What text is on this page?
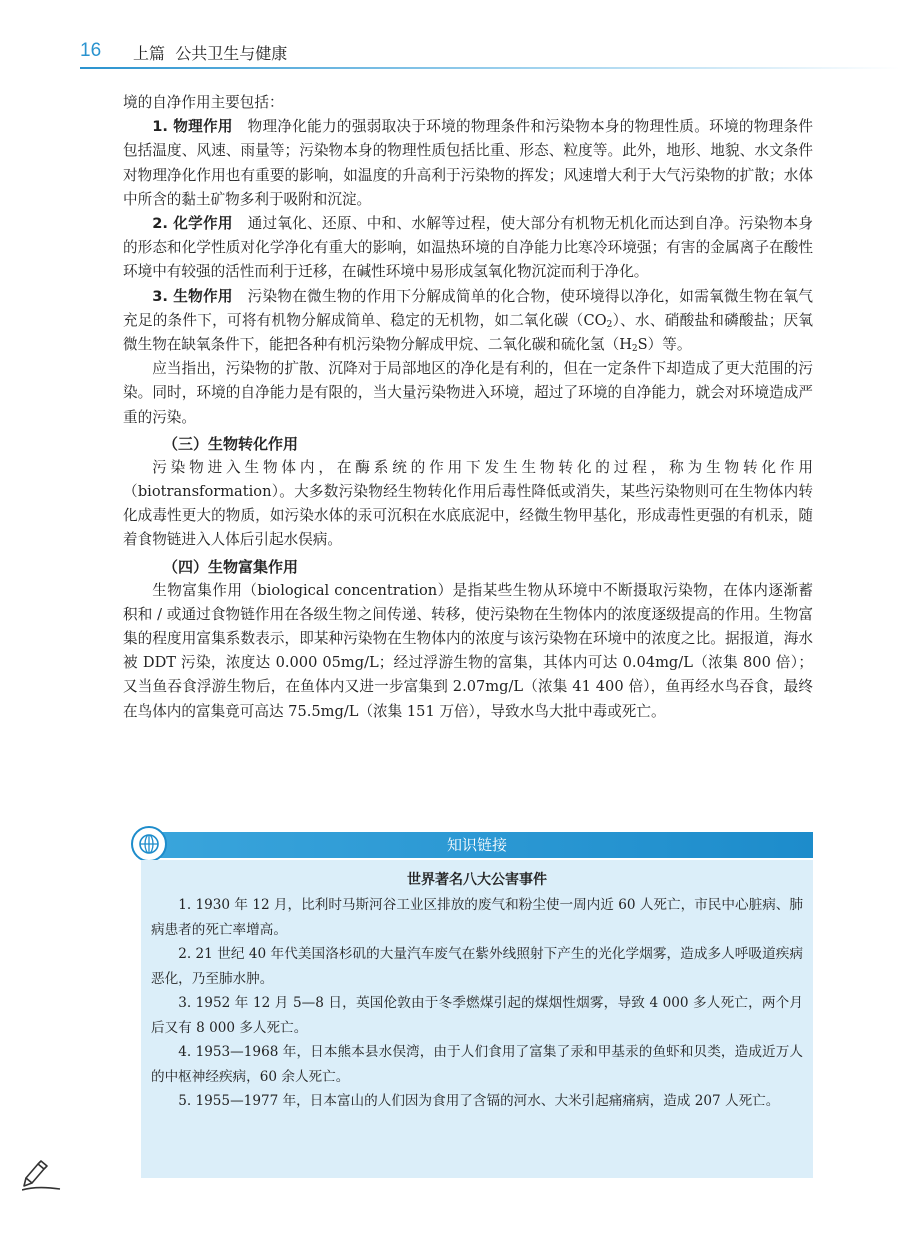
16 上篇 公共卫生与健康

境的自净作用主要包括：

1. 物理作用 物理净化能力的强弱取决于环境的物理条件和污染物本身的物理性质。环境的物理条件包括温度、风速、雨量等；污染物本身的物理性质包括比重、形态、粒度等。此外，地形、地貌、水文条件对物理净化作用也有重要的影响，如温度的升高利于污染物的挥发；风速增大利于大气污染物的扩散；水体中所含的黏土矿物多利于吸附和沉淀。

2. 化学作用 通过氧化、还原、中和、水解等过程，使大部分有机物无机化而达到自净。污染物本身的形态和化学性质对化学净化有重大的影响，如温热环境的自净能力比寒冷环境强；有害的金属离子在酸性环境中有较强的活性而利于迁移，在碱性环境中易形成氢氧化物沉淀而利于净化。

3. 生物作用 污染物在微生物的作用下分解成简单的化合物，使环境得以净化，如需氧微生物在氧气充足的条件下，可将有机物分解成简单、稳定的无机物，如二氧化碳$(CO_2)$、水、硝酸盐和磷酸盐；厌氧微生物在缺氧条件下，能把各种有机污染物分解成甲烷、二氧化碳和硫化氢$(H_2S)$等。

应当指出，污染物的扩散、沉降对于局部地区的净化是有利的，但在一定条件下却造成了更大范围的污染。同时，环境的自净能力是有限的，当大量污染物进入环境，超过了环境的自净能力，就会对环境造成严重的污染。

（三）生物转化作用

污染物进入生物体内，在酶系统的作用下发生生物转化的过程，称为生物转化作用（biotransformation）。大多数污染物经生物转化作用后毒性降低或消失，某些污染物则可在生物体内转化成毒性更大的物质，如污染水体的汞可沉积在水底底泥中，经微生物甲基化，形成毒性更强的有机汞，随着食物链进入人体后引起水俣病。

（四）生物富集作用

生物富集作用（biological concentration）是指某些生物从环境中不断摄取污染物，在体内逐渐蓄积和 / 或通过食物链作用在各级生物之间传递、转移，使污染物在生物体内的浓度逐级提高的作用。生物富集的程度用富集系数表示，即某种污染物在生物体内的浓度与该污染物在环境中的浓度之比。据报道，海水被 DDT 污染，浓度达 0.000 05mg/L；经过浮游生物的富集，其体内可达 0.04mg/L（浓集 800 倍）；又当鱼吞食浮游生物后，在鱼体内又进一步富集到 2.07mg/L（浓集 41 400 倍），鱼再经水鸟吞食，最终在鸟体内的富集竟可高达 75.5mg/L（浓集 151 万倍），导致水鸟大批中毒或死亡。

知识链接
世界著名八大公害事件

1. 1930 年 12 月，比利时马斯河谷工业区排放的废气和粉尘使一周内近 60 人死亡，市民中心脏病、肺病患者的死亡率增高。

2. 21 世纪 40 年代美国洛杉矶的大量汽车废气在紫外线照射下产生的光化学烟雾，造成多人呼吸道疾病恶化，乃至肺水肿。

3. 1952 年 12 月 5—8 日，英国伦敦由于冬季燃煤引起的煤烟性烟雾，导致 4 000 多人死亡，两个月后又有 8 000 多人死亡。

4. 1953—1968 年，日本熊本县水俣湾，由于人们食用了富集了汞和甲基汞的鱼虾和贝类，造成近万人的中枢神经疾病，60 余人死亡。

5. 1955—1977 年，日本富山的人们因为食用了含镉的河水、大米引起痛痛病，造成 207 人死亡。
